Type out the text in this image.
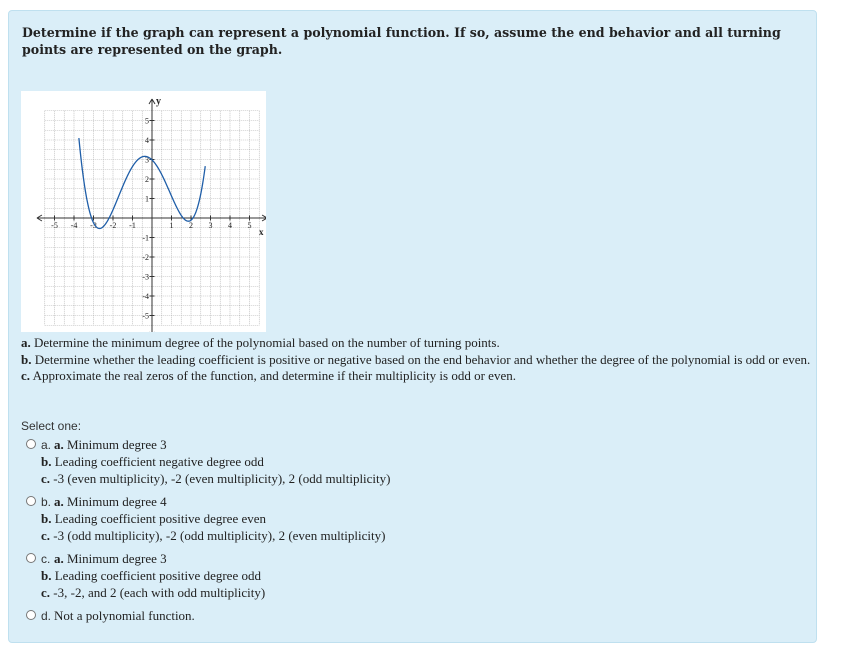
Determine if the graph can represent a polynomial function. If so, assume the end behavior and all turning points are represented on the graph.
-5 -4 -3 -2 -1	1 2 3 4 5
5
4
3
2
1
-1
-2
-3
-4
-5
x
y
a. Determine the minimum degree of the polynomial based on the number of turning points.
b. Determine whether the leading coefficient is positive or negative based on the end behavior and whether the degree of the polynomial is odd or even.
c. Approximate the real zeros of the function, and determine if their multiplicity is odd or even.
Select one:
a. a. Minimum degree 3
b. Leading coefficient negative degree odd
c. -3 (even multiplicity), -2 (even multiplicity), 2 (odd multiplicity)
b. a. Minimum degree 4
b. Leading coefficient positive degree even
c. -3 (odd multiplicity), -2 (odd multiplicity), 2 (even multiplicity)
c. a. Minimum degree 3
b. Leading coefficient positive degree odd
c. -3, -2, and 2 (each with odd multiplicity)
d. Not a polynomial function.
